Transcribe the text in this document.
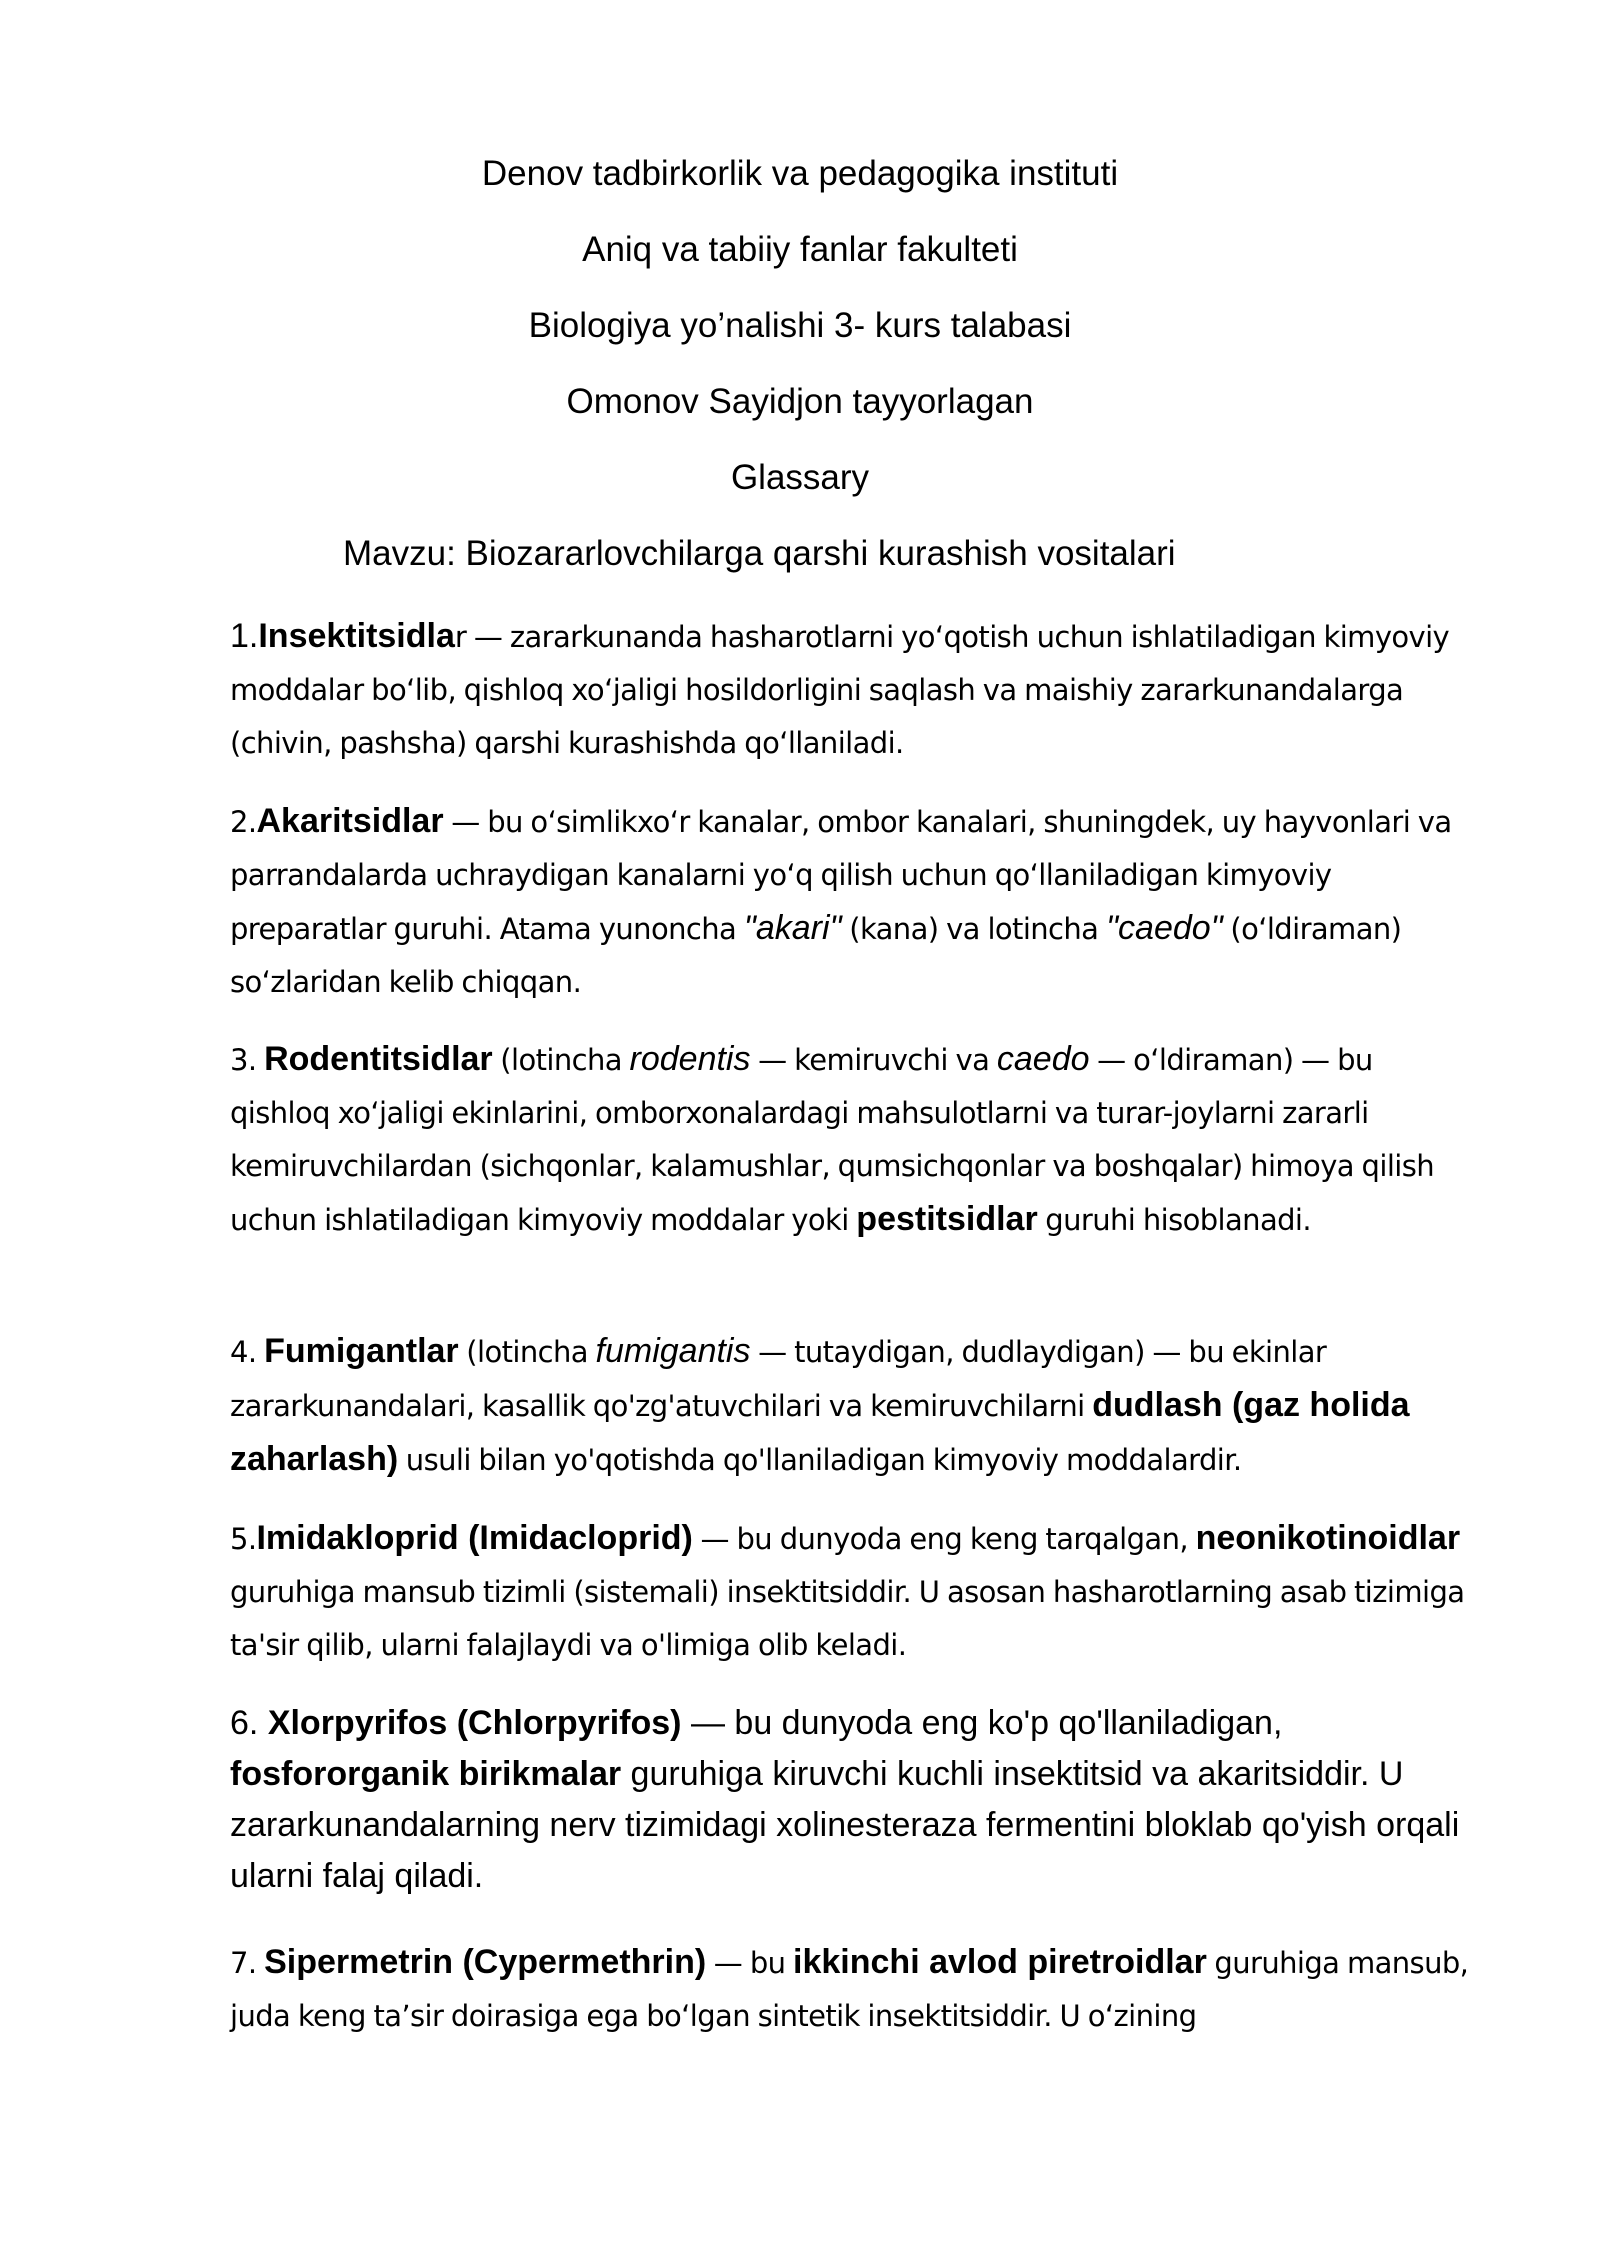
Denov tadbirkorlik va pedagogika instituti
Aniq va tabiiy fanlar fakulteti
Biologiya yo’nalishi 3- kurs talabasi
Omonov Sayidjon tayyorlagan
Glassary
Mavzu: Biozararlovchilarga qarshi kurashish vositalari

1.Insektitsidlar — zararkunanda hasharotlarni yo‘qotish uchun ishlatiladigan kimyoviy moddalar bo‘lib, qishloq xo‘jaligi hosildorligini saqlash va maishiy zararkunandalarga (chivin, pashsha) qarshi kurashishda qo‘llaniladi.

2.Akaritsidlar — bu o‘simlikxo‘r kanalar, ombor kanalari, shuningdek, uy hayvonlari va parrandalarda uchraydigan kanalarni yo‘q qilish uchun qo‘llaniladigan kimyoviy preparatlar guruhi. Atama yunoncha "akari" (kana) va lotincha "caedo" (o‘ldiraman) so‘zlaridan kelib chiqqan.

3. Rodentitsidlar (lotincha rodentis — kemiruvchi va caedo — o‘ldiraman) — bu qishloq xo‘jaligi ekinlarini, omborxonalardagi mahsulotlarni va turar-joylarni zararli kemiruvchilardan (sichqonlar, kalamushlar, qumsichqonlar va boshqalar) himoya qilish uchun ishlatiladigan kimyoviy moddalar yoki pestitsidlar guruhi hisoblanadi.

4. Fumigantlar (lotincha fumigantis — tutaydigan, dudlaydigan) — bu ekinlar zararkunandalari, kasallik qo'zg'atuvchilari va kemiruvchilarni dudlash (gaz holida zaharlash) usuli bilan yo'qotishda qo'llaniladigan kimyoviy moddalardir.

5.Imidakloprid (Imidacloprid) — bu dunyoda eng keng tarqalgan, neonikotinoidlar guruhiga mansub tizimli (sistemali) insektitsiddir. U asosan hasharotlarning asab tizimiga ta'sir qilib, ularni falajlaydi va o'limiga olib keladi.

6. Xlorpyrifos (Chlorpyrifos) — bu dunyoda eng ko'p qo'llaniladigan, fosfororganik birikmalar guruhiga kiruvchi kuchli insektitsid va akaritsiddir. U zararkunandalarning nerv tizimidagi xolinesteraza fermentini bloklab qo'yish orqali ularni falaj qiladi.

7. Sipermetrin (Cypermethrin) — bu ikkinchi avlod piretroidlar guruhiga mansub, juda keng ta’sir doirasiga ega bo‘lgan sintetik insektitsiddir. U o‘zining
